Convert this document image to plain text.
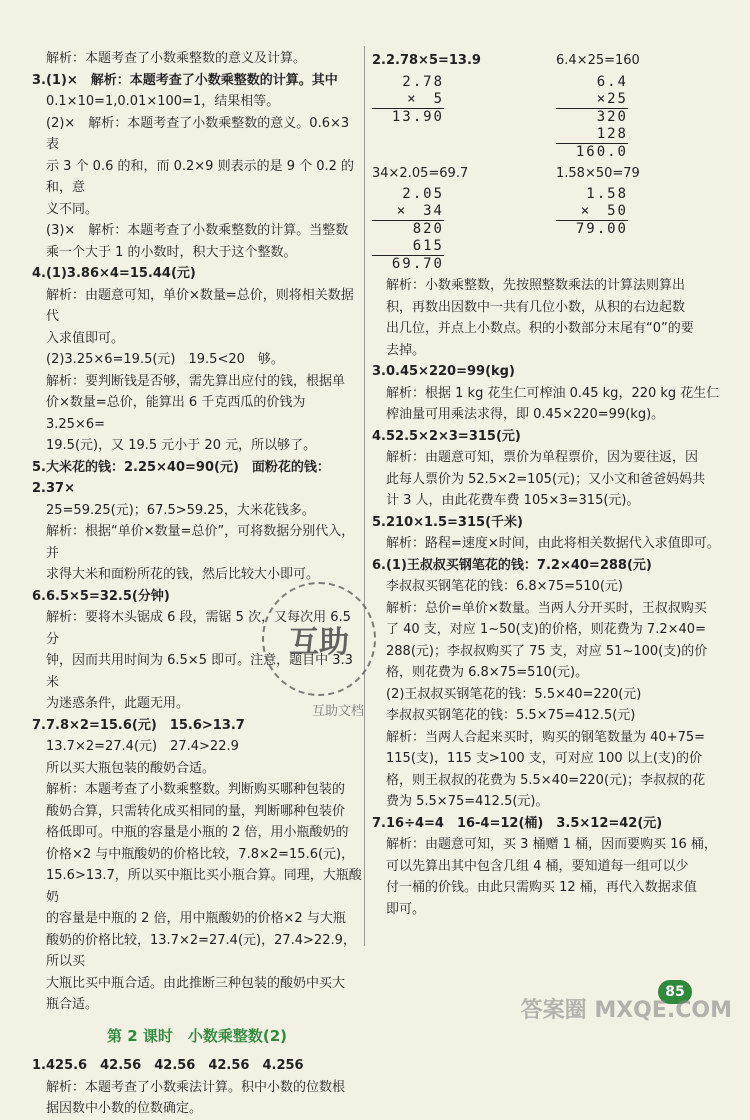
解析：本题考查了小数乘整数的意义及计算。

3.(1)×　解析：本题考查了小数乘整数的计算。其中

0.1×10=1,0.01×100=1，结果相等。

(2)×　解析：本题考查了小数乘整数的意义。0.6×3 表

示 3 个 0.6 的和，而 0.2×9 则表示的是 9 个 0.2 的和，意

义不同。

(3)×　解析：本题考查了小数乘整数的计算。当整数

乘一个大于 1 的小数时，积大于这个整数。

4.(1)3.86×4=15.44(元)

解析：由题意可知，单价×数量=总价，则将相关数据代

入求值即可。

(2)3.25×6=19.5(元)　19.5<20　够。

解析：要判断钱是否够，需先算出应付的钱，根据单

价×数量=总价，能算出 6 千克西瓜的价钱为 3.25×6=

19.5(元)，又 19.5 元小于 20 元，所以够了。

5.大米花的钱：2.25×40=90(元)　面粉花的钱：2.37×

25=59.25(元)；67.5>59.25，大米花钱多。

解析：根据“单价×数量=总价”，可将数据分别代入，并

求得大米和面粉所花的钱，然后比较大小即可。

6.6.5×5=32.5(分钟)

解析：要将木头锯成 6 段，需锯 5 次，又每次用 6.5 分

钟，因而共用时间为 6.5×5 即可。注意，题目中 3.3 米

为迷惑条件，此题无用。

7.7.8×2=15.6(元)　15.6>13.7

13.7×2=27.4(元)　27.4>22.9

所以买大瓶包装的酸奶合适。

解析：本题考查了小数乘整数。判断购买哪种包装的

酸奶合算，只需转化成买相同的量，判断哪种包装价

格低即可。中瓶的容量是小瓶的 2 倍，用小瓶酸奶的

价格×2 与中瓶酸奶的价格比较，7.8×2=15.6(元)，

15.6>13.7，所以买中瓶比买小瓶合算。同理，大瓶酸奶

的容量是中瓶的 2 倍，用中瓶酸奶的价格×2 与大瓶

酸奶的价格比较，13.7×2=27.4(元)，27.4>22.9，所以买

大瓶比买中瓶合适。由此推断三种包装的酸奶中买大

瓶合适。

第 2 课时　小数乘整数(2)

1.425.6　42.56　42.56　42.56　4.256

解析：本题考查了小数乘法计算。积中小数的位数根

据因数中小数的位数确定。

2.2.78×5=13.9
2.78
×　5
13.90
6.4×25=160
6.4
×25
320
128
160.0
34×2.05=69.7
2.05
×　34
820
615
69.70
1.58×50=79
1.58
×　50
79.00

解析：小数乘整数，先按照整数乘法的计算法则算出

积，再数出因数中一共有几位小数，从积的右边起数

出几位，并点上小数点。积的小数部分末尾有“0”的要

去掉。

3.0.45×220=99(kg)

解析：根据 1 kg 花生仁可榨油 0.45 kg，220 kg 花生仁

榨油量可用乘法求得，即 0.45×220=99(kg)。

4.52.5×2×3=315(元)

解析：由题意可知，票价为单程票价，因为要往返，因

此每人票价为 52.5×2=105(元)；又小文和爸爸妈妈共

计 3 人，由此花费车费 105×3=315(元)。

5.210×1.5=315(千米)

解析：路程=速度×时间，由此将相关数据代入求值即可。

6.(1)王叔叔买钢笔花的钱：7.2×40=288(元)

李叔叔买钢笔花的钱：6.8×75=510(元)

解析：总价=单价×数量。当两人分开买时，王叔叔购买

了 40 支，对应 1~50(支)的价格，则花费为 7.2×40=

288(元)；李叔叔购买了 75 支，对应 51~100(支)的价

格，则花费为 6.8×75=510(元)。

(2)王叔叔买钢笔花的钱：5.5×40=220(元)

李叔叔买钢笔花的钱：5.5×75=412.5(元)

解析：当两人合起来买时，购买的钢笔数量为 40+75=

115(支)，115 支>100 支，可对应 100 以上(支)的价

格，则王叔叔的花费为 5.5×40=220(元)；李叔叔的花

费为 5.5×75=412.5(元)。

7.16÷4=4　16-4=12(桶)　3.5×12=42(元)

解析：由题意可知，买 3 桶赠 1 桶，因而要购买 16 桶，

可以先算出其中包含几组 4 桶，要知道每一组可以少

付一桶的价钱。由此只需购买 12 桶，再代入数据求值

即可。

互助
互助文档
85
答案圈 MXQE.COM
